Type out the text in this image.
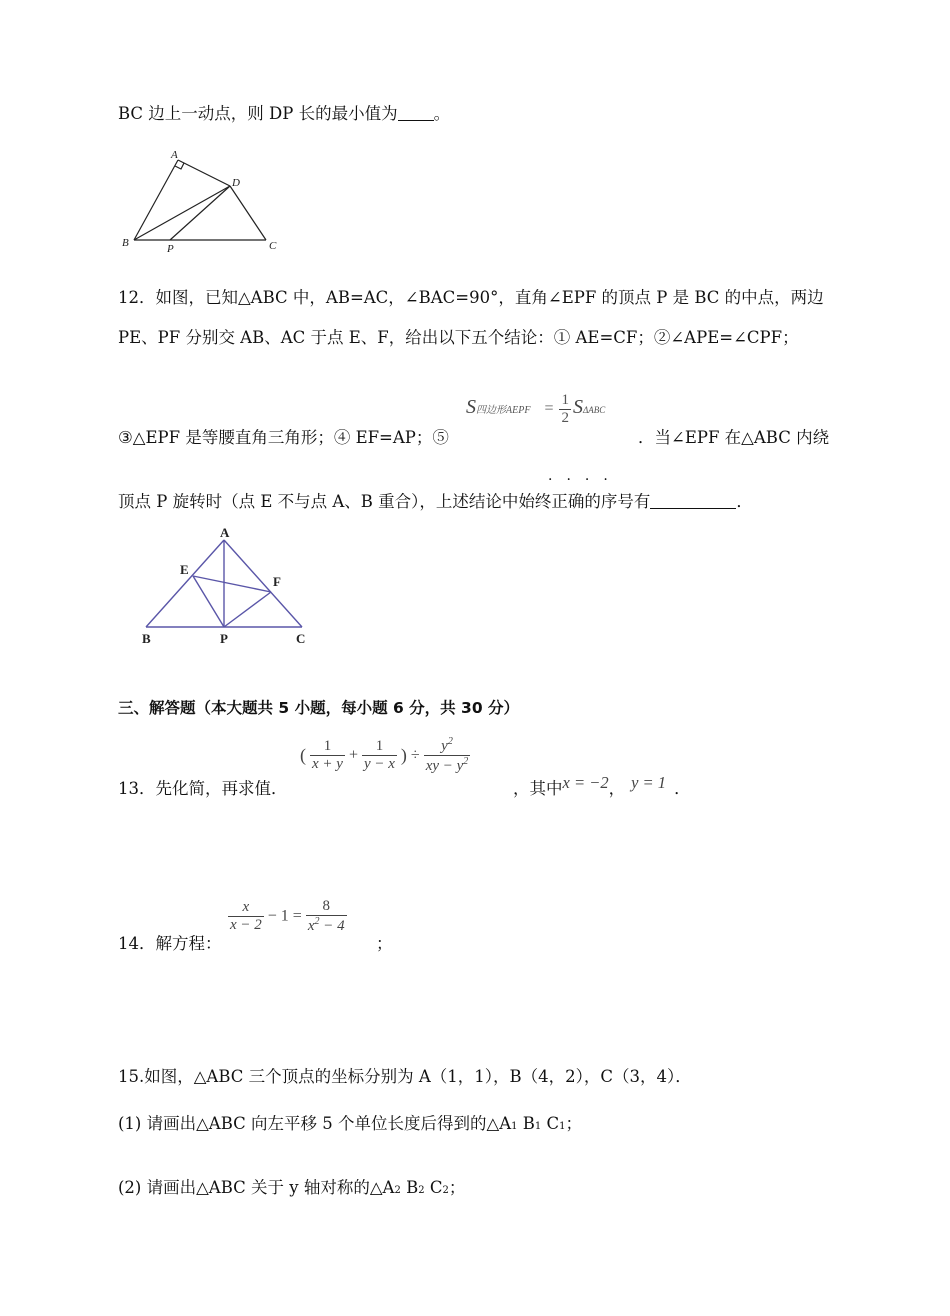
BC 边上一动点，则 DP 长的最小值为 。
A
D
B	P	C
12．如图，已知△ABC 中，AB=AC，∠BAC=90°，直角∠EPF 的顶点 P 是 BC 的中点，两边
PE、PF 分别交 AB、AC 于点 E、F，给出以下五个结论：① AE=CF；②∠APE=∠CPF；
③△EPF 是等腰直角三角形；④ EF=AP；⑤
S四边形AEPF = $\frac{1}{2}$ SΔABC
．当∠EPF 在△ABC 内绕
····
顶点 P 旋转时（点 E 不与点 A、B 重合），上述结论中始终正确的序号有	．
A
E
F
B	P	C
三、解答题（本大题共 5 小题，每小题 6 分，共 30 分）
13．先化简，再求值．
( $\frac{1}{x + y} + \frac{1}{y - x}$ ) ÷ $\frac{y^2}{xy - y^2}$
，其中x = −2， y = 1 ．
14．解方程：
$\frac{x}{x - 2} - 1 = \frac{8}{x^2 - 4}$
；
15.如图，△ABC 三个顶点的坐标分别为 A（1，1），B（4，2），C（3，4）．
(1) 请画出△ABC 向左平移 5 个单位长度后得到的△A1 B1 C1；
(2) 请画出△ABC 关于 y 轴对称的△A2 B2 C2；
